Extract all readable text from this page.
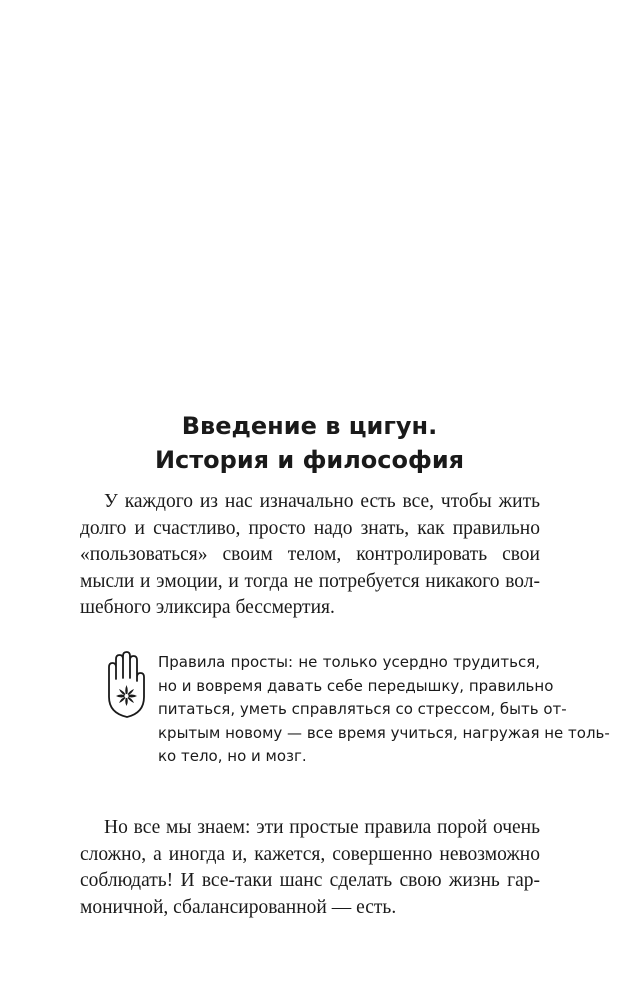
Введение в цигун.
История и философия

У каждого из нас изначально есть все, чтобы жить
долго и счастливо, просто надо знать, как правильно
«пользоваться» своим телом, контролировать свои
мысли и эмоции, и тогда не потребуется никакого вол-
шебного эликсира бессмертия.

Правила просты: не только усердно трудиться,
но и вовремя давать себе передышку, правильно
питаться, уметь справляться со стрессом, быть от-
крытым новому — все время учиться, нагружая не толь-
ко тело, но и мозг.

Но все мы знаем: эти простые правила порой очень
сложно, а иногда и, кажется, совершенно невозможно
соблюдать! И все-таки шанс сделать свою жизнь гар-
моничной, сбалансированной — есть.
